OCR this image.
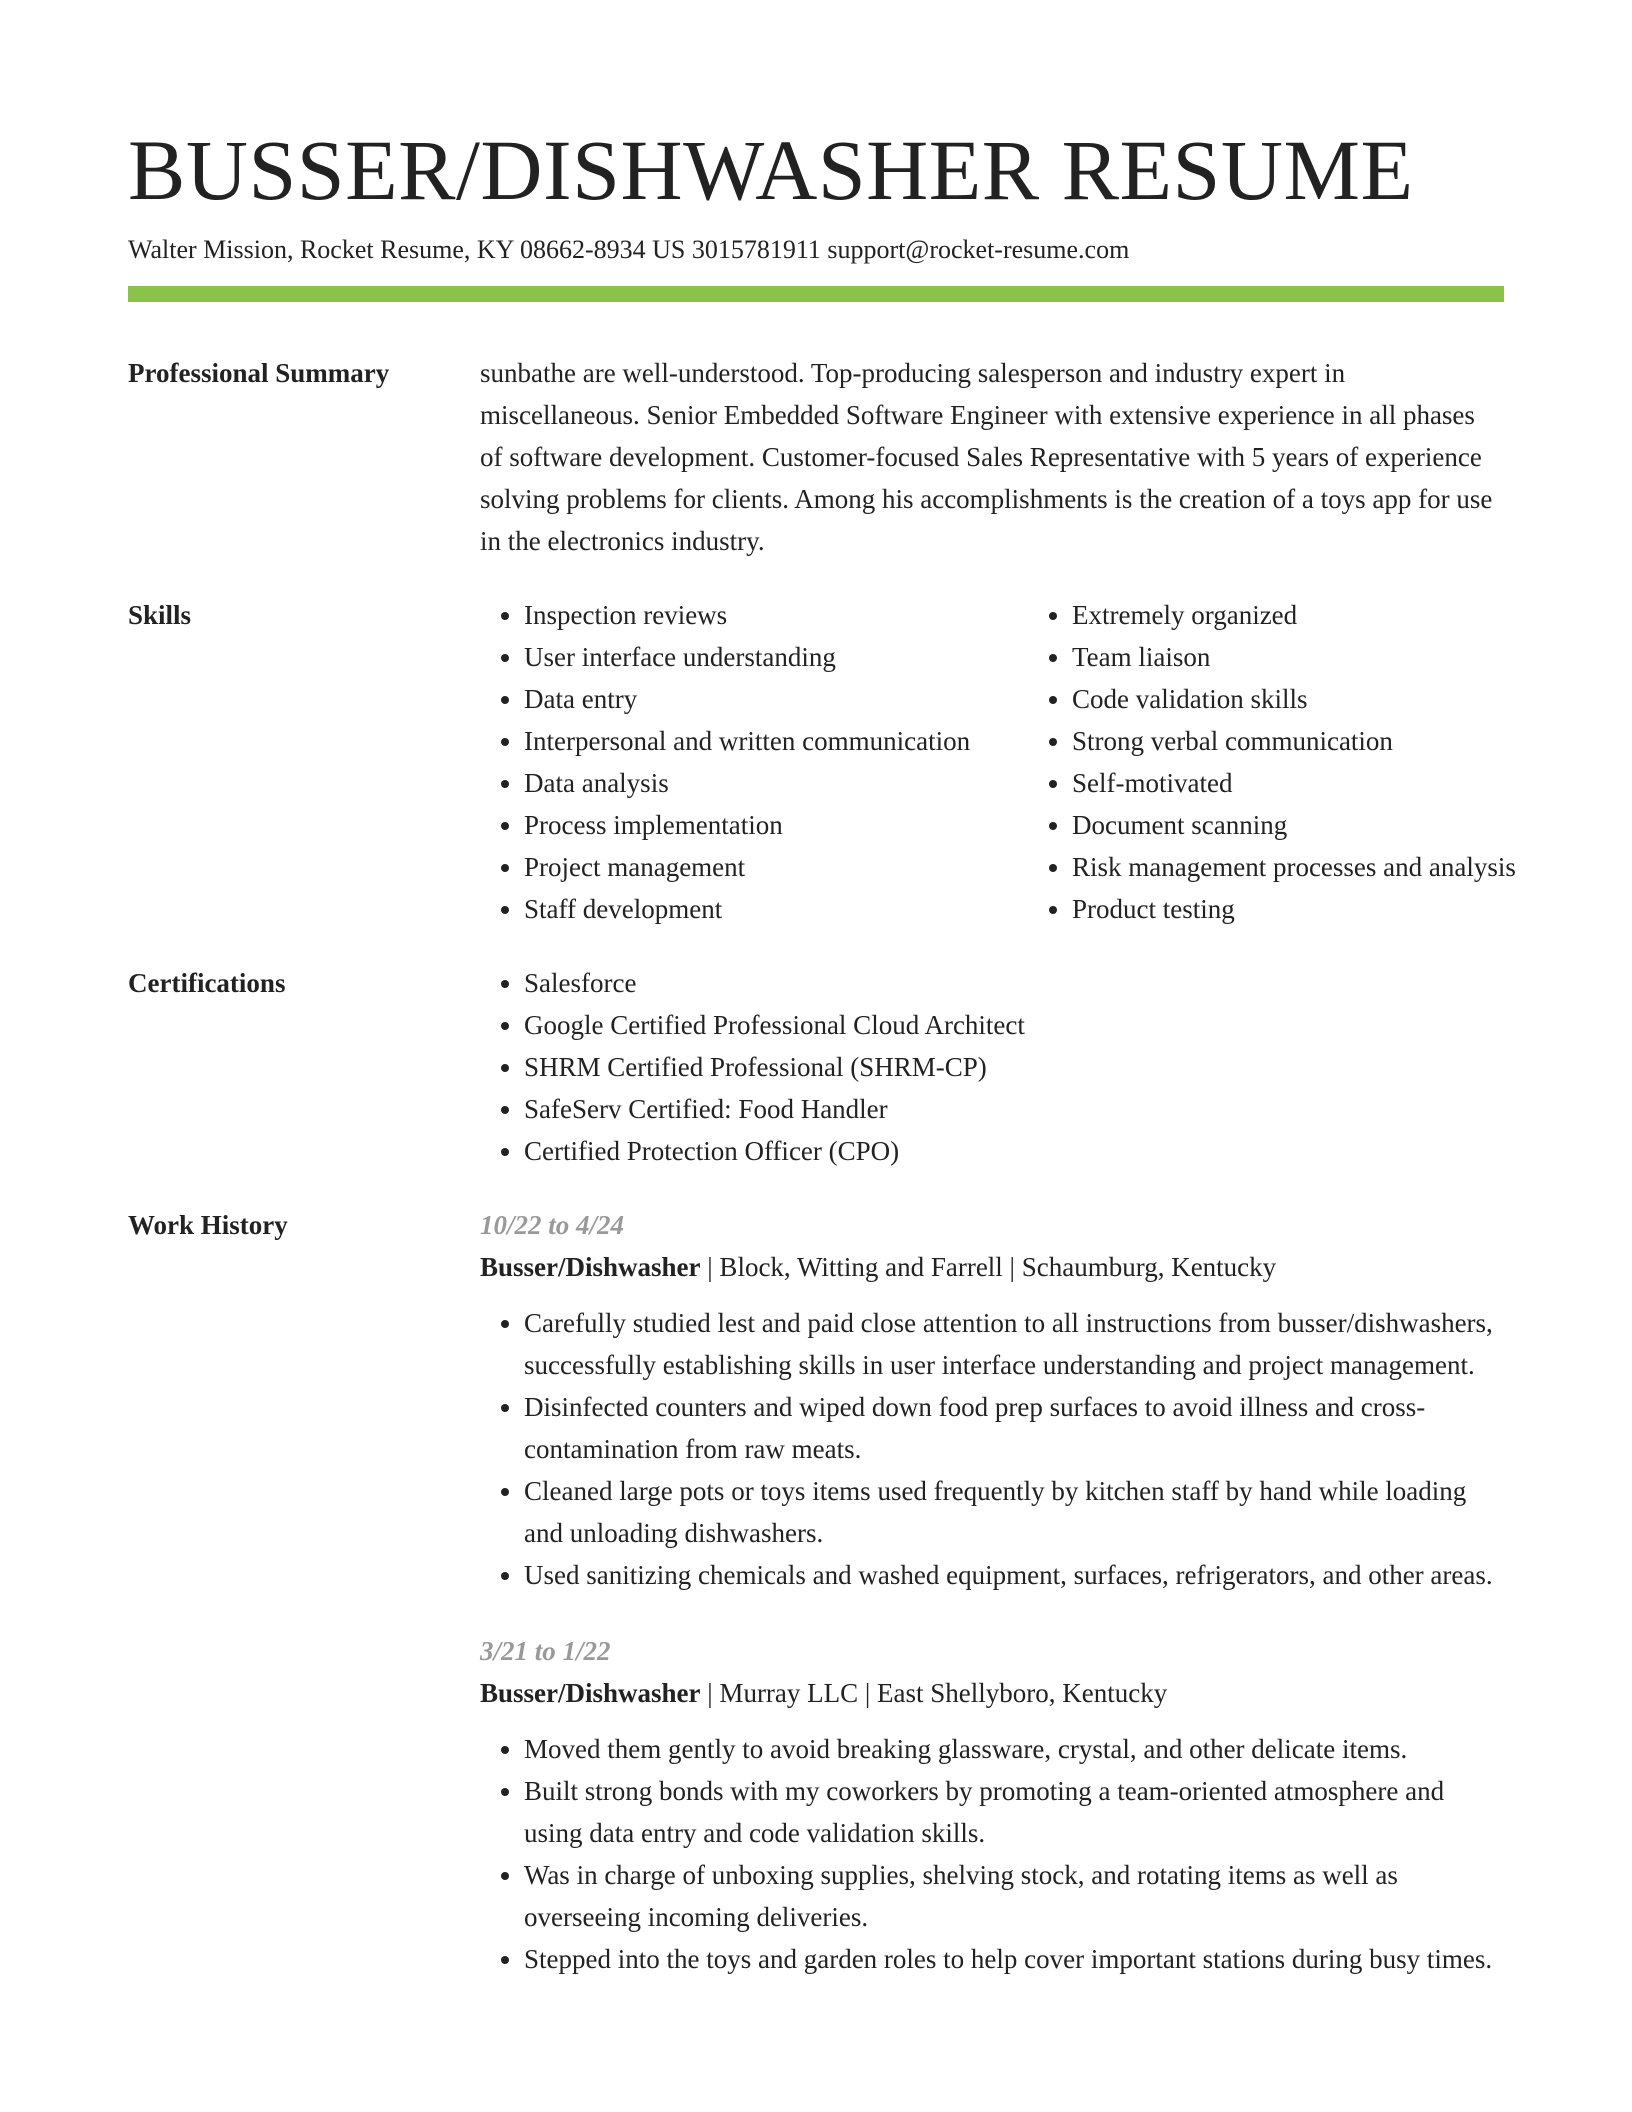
BUSSER/DISHWASHER RESUME
Walter Mission, Rocket Resume, KY 08662-8934 US 3015781911 support@rocket-resume.com
Professional Summary	sunbathe are well-understood. Top-producing salesperson and industry expert in miscellaneous. Senior Embedded Software Engineer with extensive experience in all phases of software development. Customer-focused Sales Representative with 5 years of experience solving problems for clients. Among his accomplishments is the creation of a toys app for use in the electronics industry.

Skills	• Inspection reviews
• User interface understanding
• Data entry
• Interpersonal and written communication
• Data analysis
• Process implementation
• Project management
• Staff development
• Extremely organized
• Team liaison
• Code validation skills
• Strong verbal communication
• Self-motivated
• Document scanning
• Risk management processes and analysis
• Product testing
Certifications	• Salesforce
• Google Certified Professional Cloud Architect
• SHRM Certified Professional (SHRM-CP)
• SafeServ Certified: Food Handler
• Certified Protection Officer (CPO)
Work History	10/22 to 4/24
Busser/Dishwasher | Block, Witting and Farrell | Schaumburg, Kentucky
• Carefully studied lest and paid close attention to all instructions from busser/dishwashers, successfully establishing skills in user interface understanding and project management.
• Disinfected counters and wiped down food prep surfaces to avoid illness and cross-contamination from raw meats.
• Cleaned large pots or toys items used frequently by kitchen staff by hand while loading and unloading dishwashers.
• Used sanitizing chemicals and washed equipment, surfaces, refrigerators, and other areas.
3/21 to 1/22
Busser/Dishwasher | Murray LLC | East Shellyboro, Kentucky
• Moved them gently to avoid breaking glassware, crystal, and other delicate items.
• Built strong bonds with my coworkers by promoting a team-oriented atmosphere and using data entry and code validation skills.
• Was in charge of unboxing supplies, shelving stock, and rotating items as well as overseeing incoming deliveries.
• Stepped into the toys and garden roles to help cover important stations during busy times.
